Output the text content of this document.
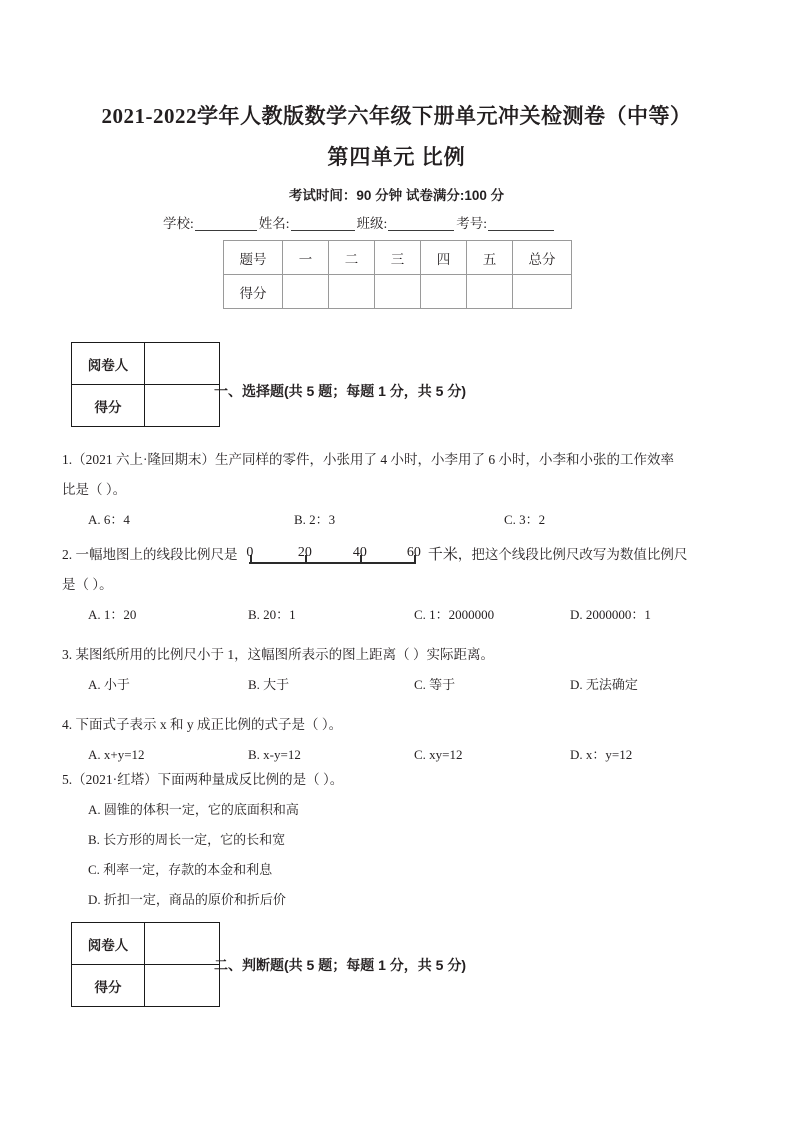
2021-2022学年人教版数学六年级下册单元冲关检测卷（中等）
第四单元 比例
考试时间：90 分钟 试卷满分:100 分
学校:	姓名:	班级:	考号:
题号	一	二	三	四	五	总分
得分						
阅卷人	
得分	
一、选择题(共 5 题；每题 1 分，共 5 分)
1.（2021 六上·隆回期末）生产同样的零件，小张用了 4 小时，小李用了 6 小时，小李和小张的工作效率
比是（ ）。
A. 6：4	B. 2：3	C. 3：2
2. 一幅地图上的线段比例尺是 0	20	40	60 千米，把这个线段比例尺改写为数值比例尺
是（ ）。
A. 1：20	B. 20：1	C. 1：2000000	D. 2000000：1
3. 某图纸所用的比例尺小于 1，这幅图所表示的图上距离（ ）实际距离。
A. 小于	B. 大于	C. 等于	D. 无法确定
4. 下面式子表示 x 和 y 成正比例的式子是（ ）。
A. x+y=12	B. x-y=12	C. xy=12	D. x：y=12
5.（2021·红塔）下面两种量成反比例的是（ ）。
A. 圆锥的体积一定，它的底面积和高
B. 长方形的周长一定，它的长和宽
C. 利率一定，存款的本金和利息
D. 折扣一定，商品的原价和折后价
阅卷人	
得分	
二、判断题(共 5 题；每题 1 分，共 5 分)
